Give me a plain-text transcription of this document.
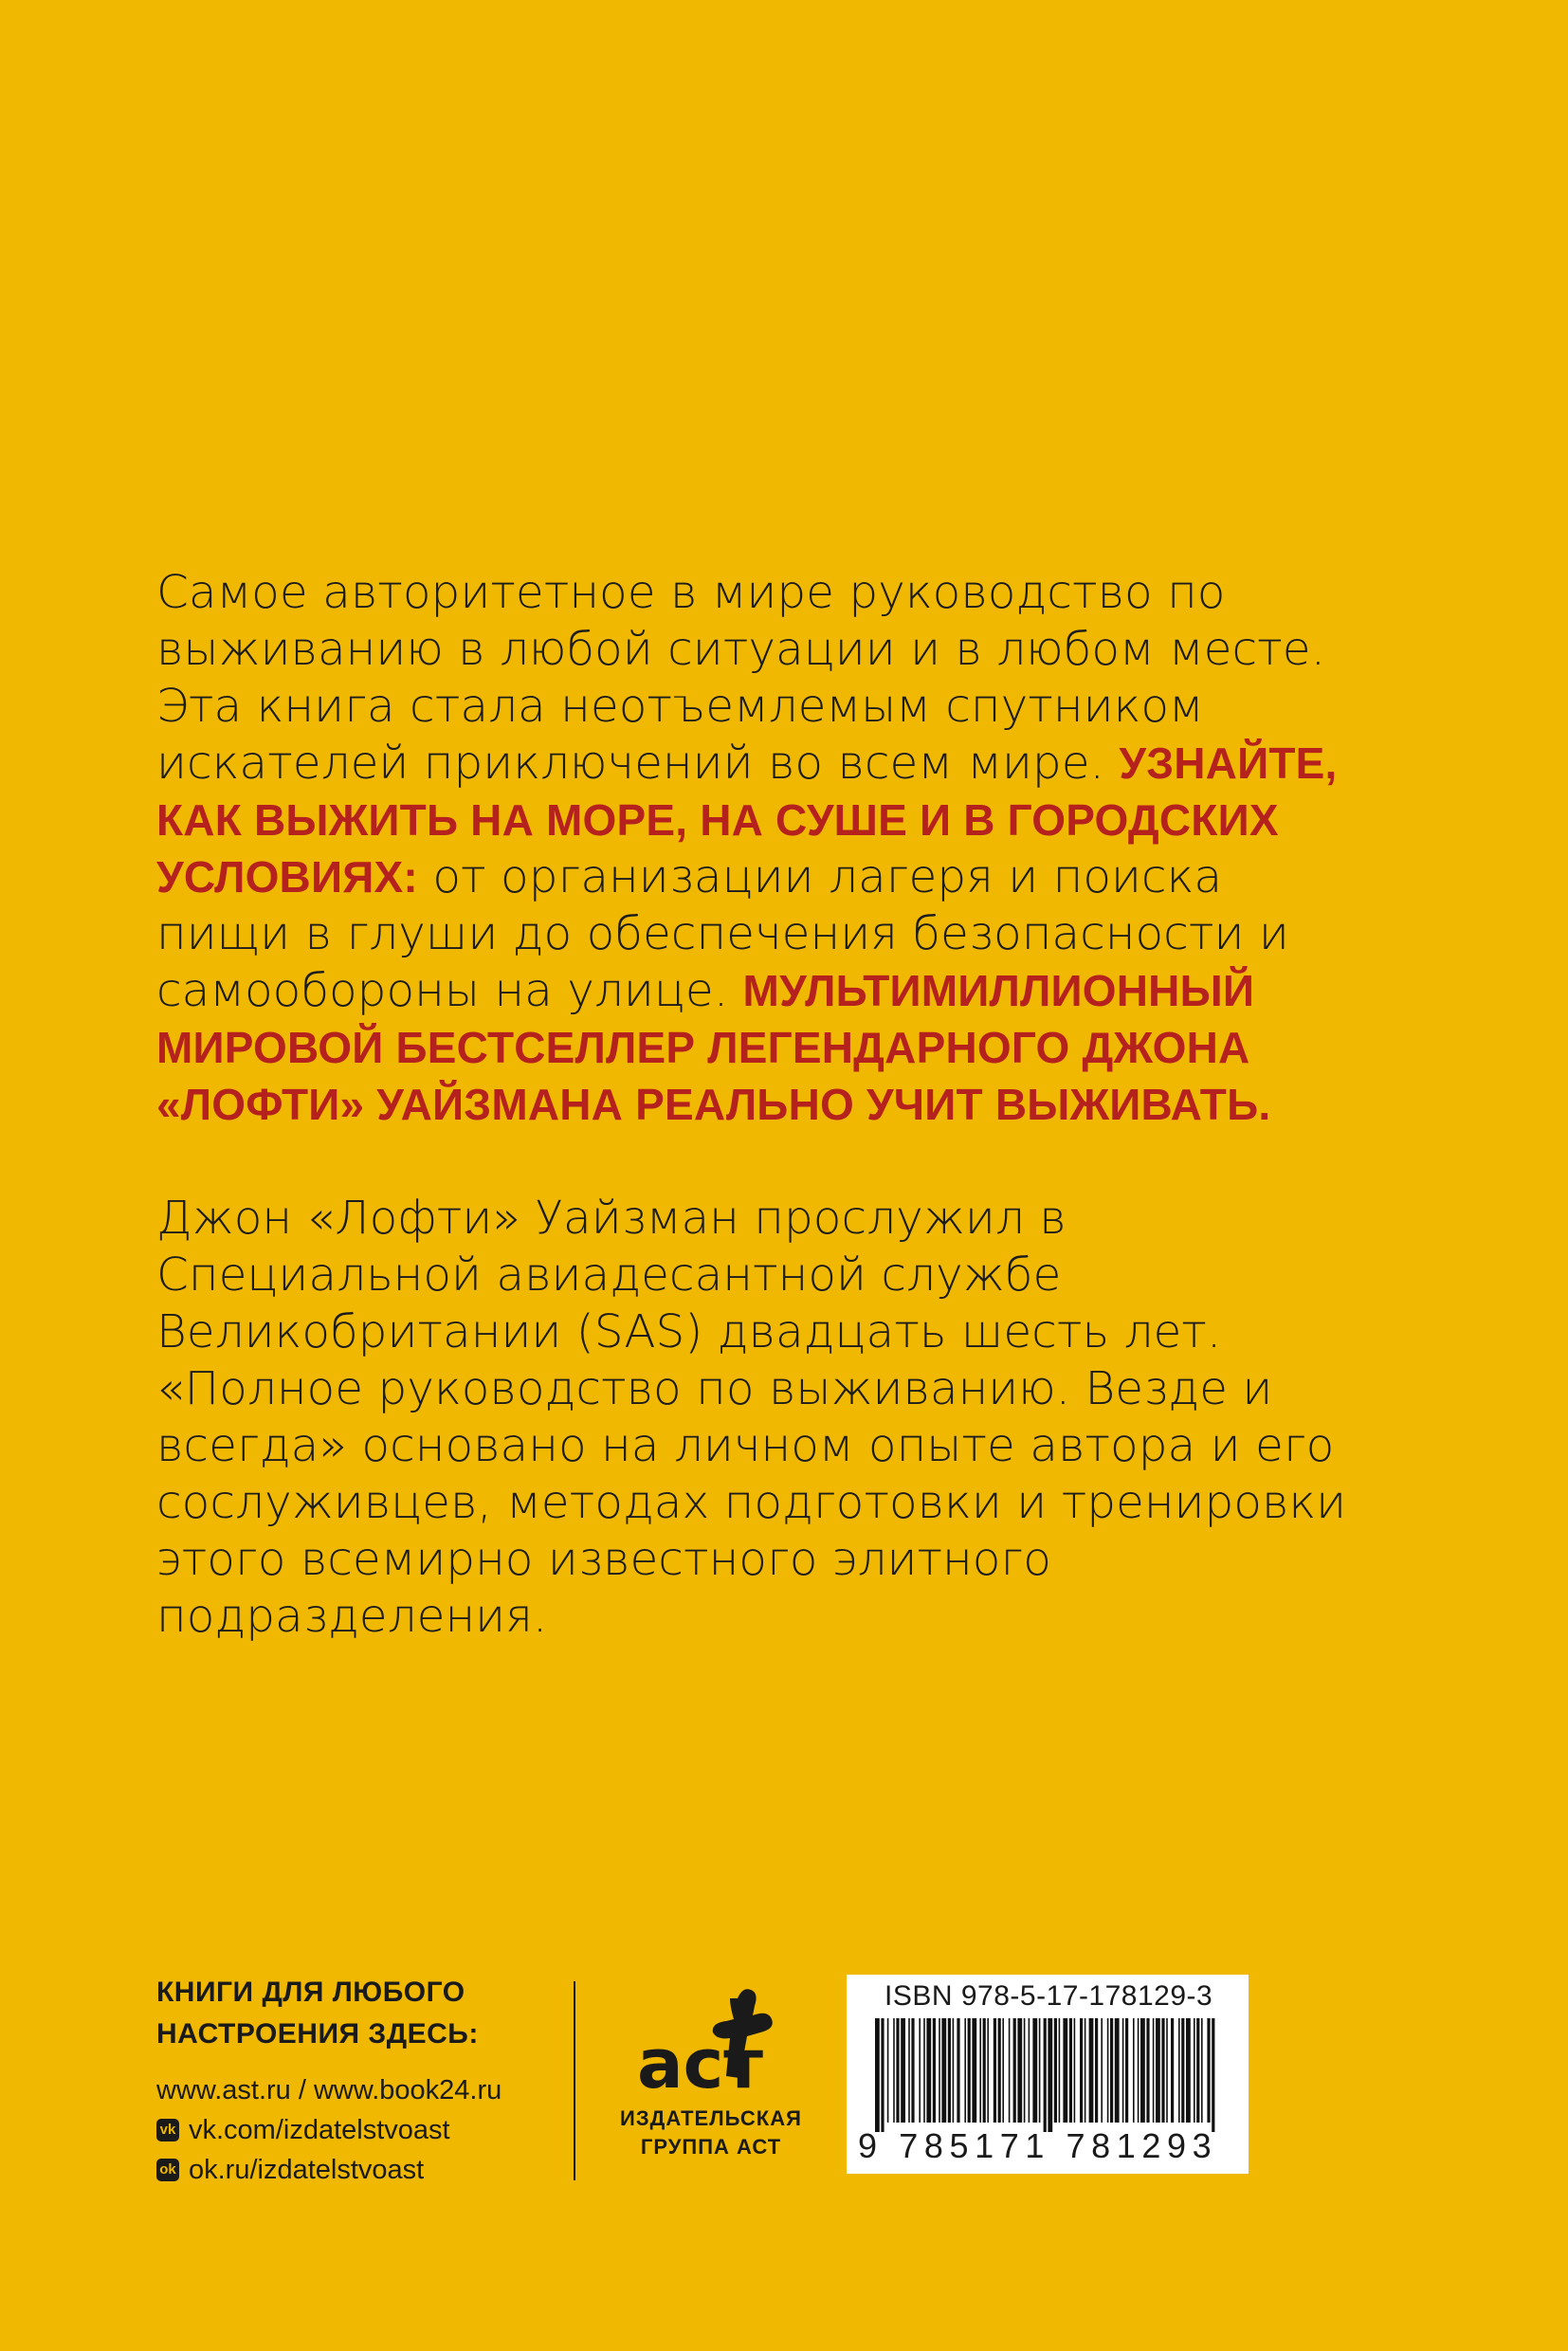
Самое авторитетное в мире руководство по выживанию в любой ситуации и в любом месте. Эта книга стала неотъемлемым спутником искателей приключений во всем мире. УЗНАЙТЕ, КАК ВЫЖИТЬ НА МОРЕ, НА СУШЕ И В ГОРОДСКИХ УСЛОВИЯХ: от организации лагеря и поиска пищи в глуши до обеспечения безопасности и самообороны на улице. МУЛЬТИМИЛЛИОННЫЙ МИРОВОЙ БЕСТСЕЛЛЕР ЛЕГЕНДАРНОГО ДЖОНА «ЛОФТИ» УАЙЗМАНА РЕАЛЬНО УЧИТ ВЫЖИВАТЬ.

Джон «Лофти» Уайзман прослужил в Специальной авиадесантной службе Великобритании (SAS) двадцать шесть лет. «Полное руководство по выживанию. Везде и всегда» основано на личном опыте автора и его сослуживцев, методах подготовки и тренировки этого всемирно известного элитного подразделения.

КНИГИ ДЛЯ ЛЮБОГО
НАСТРОЕНИЯ ЗДЕСЬ:
www.ast.ru / www.book24.ru
vk vk.com/izdatelstvoast
ok ok.ru/izdatelstvoast
аст
ИЗДАТЕЛЬСКАЯ
ГРУППА АСТ
ISBN 978-5-17-178129-3
9 785171 781293
